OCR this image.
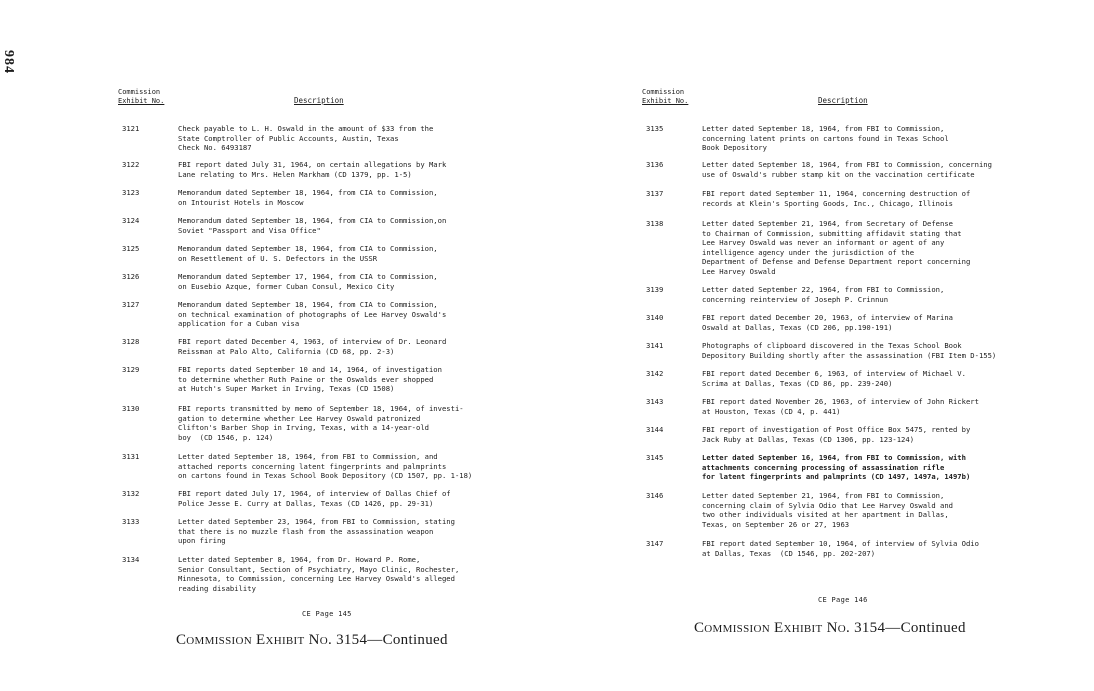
984
Commission
Exhibit No.	Description
3121	Check payable to L. H. Oswald in the amount of $33 from the
State Comptroller of Public Accounts, Austin, Texas
Check No. 6493187
3122	FBI report dated July 31, 1964, on certain allegations by Mark
Lane relating to Mrs. Helen Markham (CD 1379, pp. 1-5)
3123	Memorandum dated September 18, 1964, from CIA to Commission,
on Intourist Hotels in Moscow
3124	Memorandum dated September 18, 1964, from CIA to Commission,on
Soviet "Passport and Visa Office"
3125	Memorandum dated September 18, 1964, from CIA to Commission,
on Resettlement of U. S. Defectors in the USSR
3126	Memorandum dated September 17, 1964, from CIA to Commission,
on Eusebio Azque, former Cuban Consul, Mexico City
3127	Memorandum dated September 18, 1964, from CIA to Commission,
on technical examination of photographs of Lee Harvey Oswald's
application for a Cuban visa
3128	FBI report dated December 4, 1963, of interview of Dr. Leonard
Reissman at Palo Alto, California (CD 68, pp. 2-3)
3129	FBI reports dated September 10 and 14, 1964, of investigation
to determine whether Ruth Paine or the Oswalds ever shopped
at Hutch's Super Market in Irving, Texas (CD 1508)
3130	FBI reports transmitted by memo of September 18, 1964, of investi-
gation to determine whether Lee Harvey Oswald patronized
Clifton's Barber Shop in Irving, Texas, with a 14-year-old
boy  (CD 1546, p. 124)
3131	Letter dated September 18, 1964, from FBI to Commission, and
attached reports concerning latent fingerprints and palmprints
on cartons found in Texas School Book Depository (CD 1507, pp. 1-18)
3132	FBI report dated July 17, 1964, of interview of Dallas Chief of
Police Jesse E. Curry at Dallas, Texas (CD 1426, pp. 29-31)
3133	Letter dated September 23, 1964, from FBI to Commission, stating
that there is no muzzle flash from the assassination weapon
upon firing
3134	Letter dated September 8, 1964, from Dr. Howard P. Rome,
Senior Consultant, Section of Psychiatry, Mayo Clinic, Rochester,
Minnesota, to Commission, concerning Lee Harvey Oswald's alleged
reading disability
CE Page 145
Commission Exhibit No. 3154—Continued
Commission
Exhibit No.	Description
3135	Letter dated September 18, 1964, from FBI to Commission,
concerning latent prints on cartons found in Texas School
Book Depository
3136	Letter dated September 18, 1964, from FBI to Commission, concerning
use of Oswald's rubber stamp kit on the vaccination certificate
3137	FBI report dated September 11, 1964, concerning destruction of
records at Klein's Sporting Goods, Inc., Chicago, Illinois
3138	Letter dated September 21, 1964, from Secretary of Defense
to Chairman of Commission, submitting affidavit stating that
Lee Harvey Oswald was never an informant or agent of any
intelligence agency under the jurisdiction of the
Department of Defense and Defense Department report concerning
Lee Harvey Oswald
3139	Letter dated September 22, 1964, from FBI to Commission,
concerning reinterview of Joseph P. Crinnun
3140	FBI report dated December 20, 1963, of interview of Marina
Oswald at Dallas, Texas (CD 206, pp.190-191)
3141	Photographs of clipboard discovered in the Texas School Book
Depository Building shortly after the assassination (FBI Item D-155)
3142	FBI report dated December 6, 1963, of interview of Michael V.
Scrima at Dallas, Texas (CD 86, pp. 239-240)
3143	FBI report dated November 26, 1963, of interview of John Rickert
at Houston, Texas (CD 4, p. 441)
3144	FBI report of investigation of Post Office Box 5475, rented by
Jack Ruby at Dallas, Texas (CD 1306, pp. 123-124)
3145	Letter dated September 16, 1964, from FBI to Commission, with
attachments concerning processing of assassination rifle
for latent fingerprints and palmprints (CD 1497, 1497a, 1497b)
3146	Letter dated September 21, 1964, from FBI to Commission,
concerning claim of Sylvia Odio that Lee Harvey Oswald and
two other individuals visited at her apartment in Dallas,
Texas, on September 26 or 27, 1963
3147	FBI report dated September 10, 1964, of interview of Sylvia Odio
at Dallas, Texas  (CD 1546, pp. 202-207)
CE Page 146
Commission Exhibit No. 3154—Continued
